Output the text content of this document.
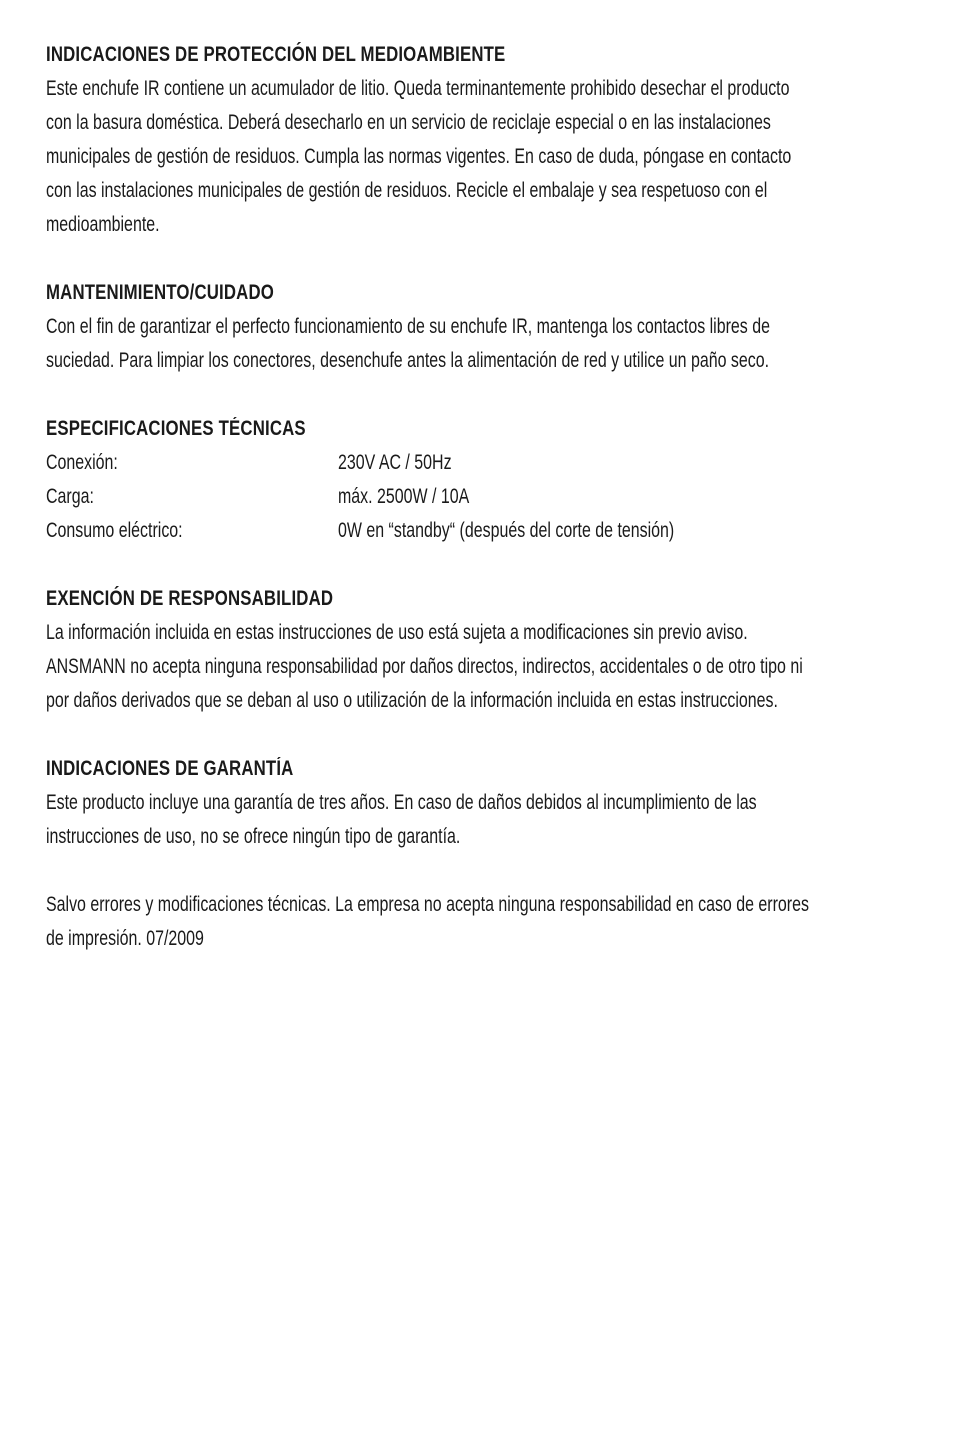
INDICACIONES DE PROTECCIÓN DEL MEDIOAMBIENTE
Este enchufe IR contiene un acumulador de litio. Queda terminantemente prohibido desechar el producto
con la basura doméstica. Deberá desecharlo en un servicio de reciclaje especial o en las instalaciones
municipales de gestión de residuos. Cumpla las normas vigentes. En caso de duda, póngase en contacto
con las instalaciones municipales de gestión de residuos. Recicle el embalaje y sea respetuoso con el
medioambiente.
MANTENIMIENTO/CUIDADO
Con el fin de garantizar el perfecto funcionamiento de su enchufe IR, mantenga los contactos libres de
suciedad. Para limpiar los conectores, desenchufe antes la alimentación de red y utilice un paño seco.
ESPECIFICACIONES TÉCNICAS
Conexión:	230V AC / 50Hz
Carga:	máx. 2500W / 10A
Consumo eléctrico:	0W en “standby“ (después del corte de tensión)
EXENCIÓN DE RESPONSABILIDAD
La información incluida en estas instrucciones de uso está sujeta a modificaciones sin previo aviso.
ANSMANN no acepta ninguna responsabilidad por daños directos, indirectos, accidentales o de otro tipo ni
por daños derivados que se deban al uso o utilización de la información incluida en estas instrucciones.
INDICACIONES DE GARANTÍA
Este producto incluye una garantía de tres años. En caso de daños debidos al incumplimiento de las
instrucciones de uso, no se ofrece ningún tipo de garantía.
Salvo errores y modificaciones técnicas. La empresa no acepta ninguna responsabilidad en caso de errores
de impresión. 07/2009
